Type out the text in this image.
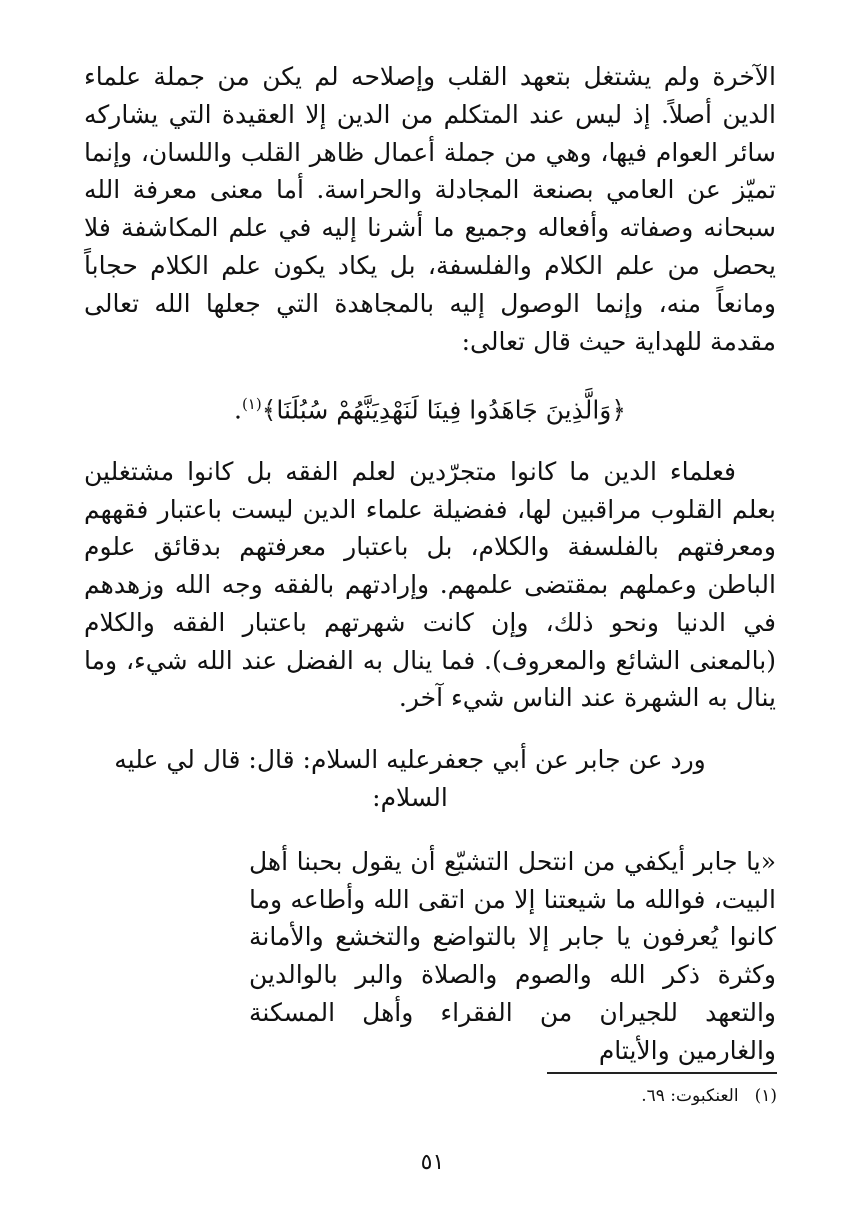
الآخرة ولم يشتغل بتعهد القلب وإصلاحه لم يكن من جملة علماء الدين أصلاً. إذ ليس عند المتكلم من الدين إلا العقيدة التي يشاركه سائر العوام فيها، وهي من جملة أعمال ظاهر القلب واللسان، وإنما تميّز عن العامي بصنعة المجادلة والحراسة. أما معنى معرفة الله سبحانه وصفاته وأفعاله وجميع ما أشرنا إليه في علم المكاشفة فلا يحصل من علم الكلام والفلسفة، بل يكاد يكون علم الكلام حجاباً ومانعاً منه، وإنما الوصول إليه بالمجاهدة التي جعلها الله تعالى مقدمة للهداية حيث قال تعالى:

﴿وَالَّذِينَ جَاهَدُوا فِينَا لَنَهْدِيَنَّهُمْ سُبُلَنَا﴾$^{(١)}$.

فعلماء الدين ما كانوا متجرّدين لعلم الفقه بل كانوا مشتغلين بعلم القلوب مراقبين لها، ففضيلة علماء الدين ليست باعتبار فقههم ومعرفتهم بالفلسفة والكلام، بل باعتبار معرفتهم بدقائق علوم الباطن وعملهم بمقتضى علمهم. وإرادتهم بالفقه وجه الله وزهدهم في الدنيا ونحو ذلك، وإن كانت شهرتهم باعتبار الفقه والكلام (بالمعنى الشائع والمعروف). فما ينال به الفضل عند الله شيء، وما ينال به الشهرة عند الناس شيء آخر.

ورد عن جابر عن أبي جعفرعليه السلام: قال: قال لي عليه السلام:

«يا جابر أيكفي من انتحل التشيّع أن يقول بحبنا أهل البيت، فوالله ما شيعتنا إلا من اتقى الله وأطاعه وما كانوا يُعرفون يا جابر إلا بالتواضع والتخشع والأمانة وكثرة ذكر الله والصوم والصلاة والبر بالوالدين والتعهد للجيران من الفقراء وأهل المسكنة والغارمين والأيتام

(١)العنكبوت: ٦٩.
٥١
